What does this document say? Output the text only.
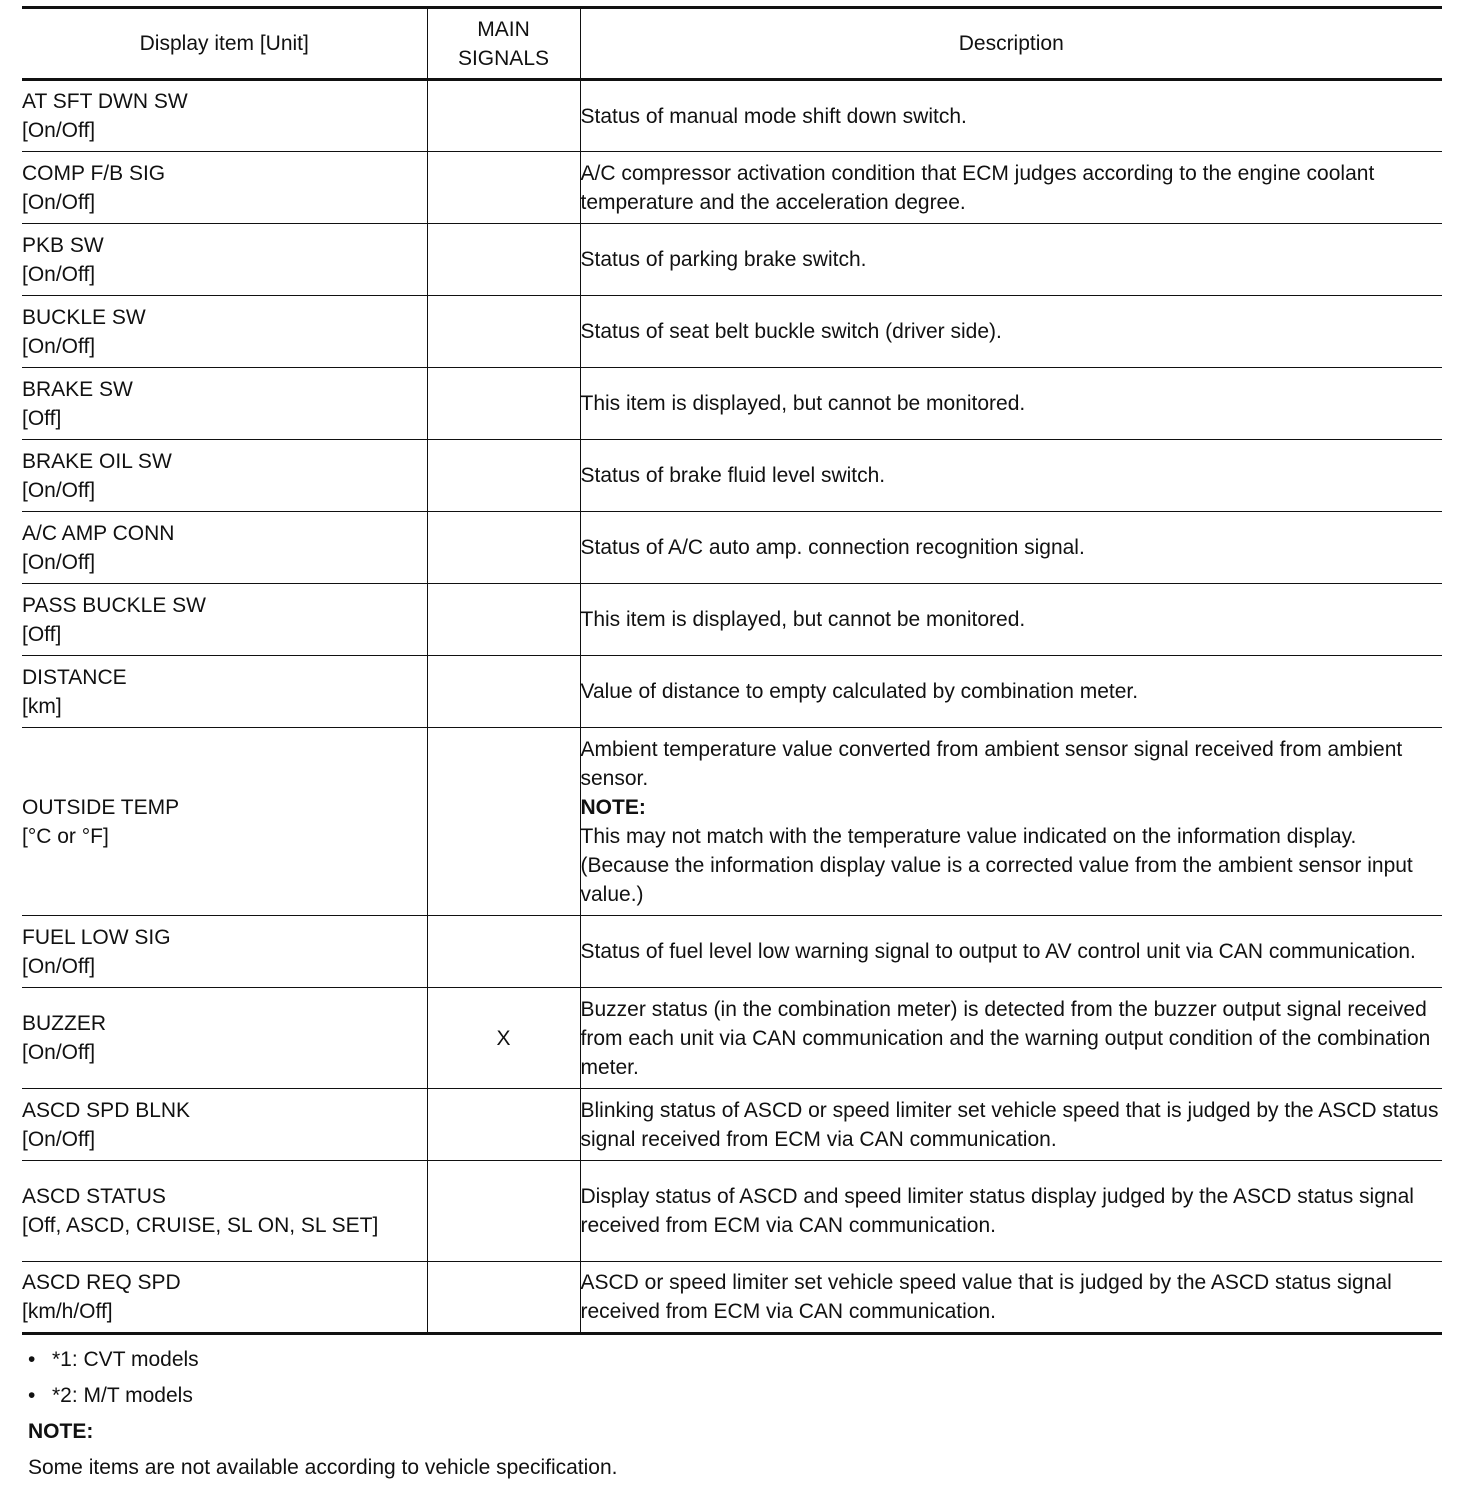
Display item [Unit]	MAIN
SIGNALS	Description

AT SFT DWN SW
[On/Off]		Status of manual mode shift down switch.

COMP F/B SIG
[On/Off]		A/C compressor activation condition that ECM judges according to the engine coolant temperature and the acceleration degree.

PKB SW
[On/Off]		Status of parking brake switch.

BUCKLE SW
[On/Off]		Status of seat belt buckle switch (driver side).

BRAKE SW
[Off]		This item is displayed, but cannot be monitored.

BRAKE OIL SW
[On/Off]		Status of brake fluid level switch.

A/C AMP CONN
[On/Off]		Status of A/C auto amp. connection recognition signal.

PASS BUCKLE SW
[Off]		This item is displayed, but cannot be monitored.

DISTANCE
[km]		Value of distance to empty calculated by combination meter.

OUTSIDE TEMP
[°C or °F]		Ambient temperature value converted from ambient sensor signal received from ambient sensor.
NOTE:
This may not match with the temperature value indicated on the information display. (Because the information display value is a corrected value from the ambient sensor input value.)

FUEL LOW SIG
[On/Off]		Status of fuel level low warning signal to output to AV control unit via CAN communication.

BUZZER
[On/Off]	X	Buzzer status (in the combination meter) is detected from the buzzer output signal received from each unit via CAN communication and the warning output condition of the combination meter.

ASCD SPD BLNK
[On/Off]		Blinking status of ASCD or speed limiter set vehicle speed that is judged by the ASCD status signal received from ECM via CAN communication.

ASCD STATUS
[Off, ASCD, CRUISE, SL ON, SL SET]		Display status of ASCD and speed limiter status display judged by the ASCD status signal received from ECM via CAN communication.

ASCD REQ SPD
[km/h/Off]		ASCD or speed limiter set vehicle speed value that is judged by the ASCD status signal received from ECM via CAN communication.
• *1: CVT models
• *2: M/T models
NOTE:
Some items are not available according to vehicle specification.
